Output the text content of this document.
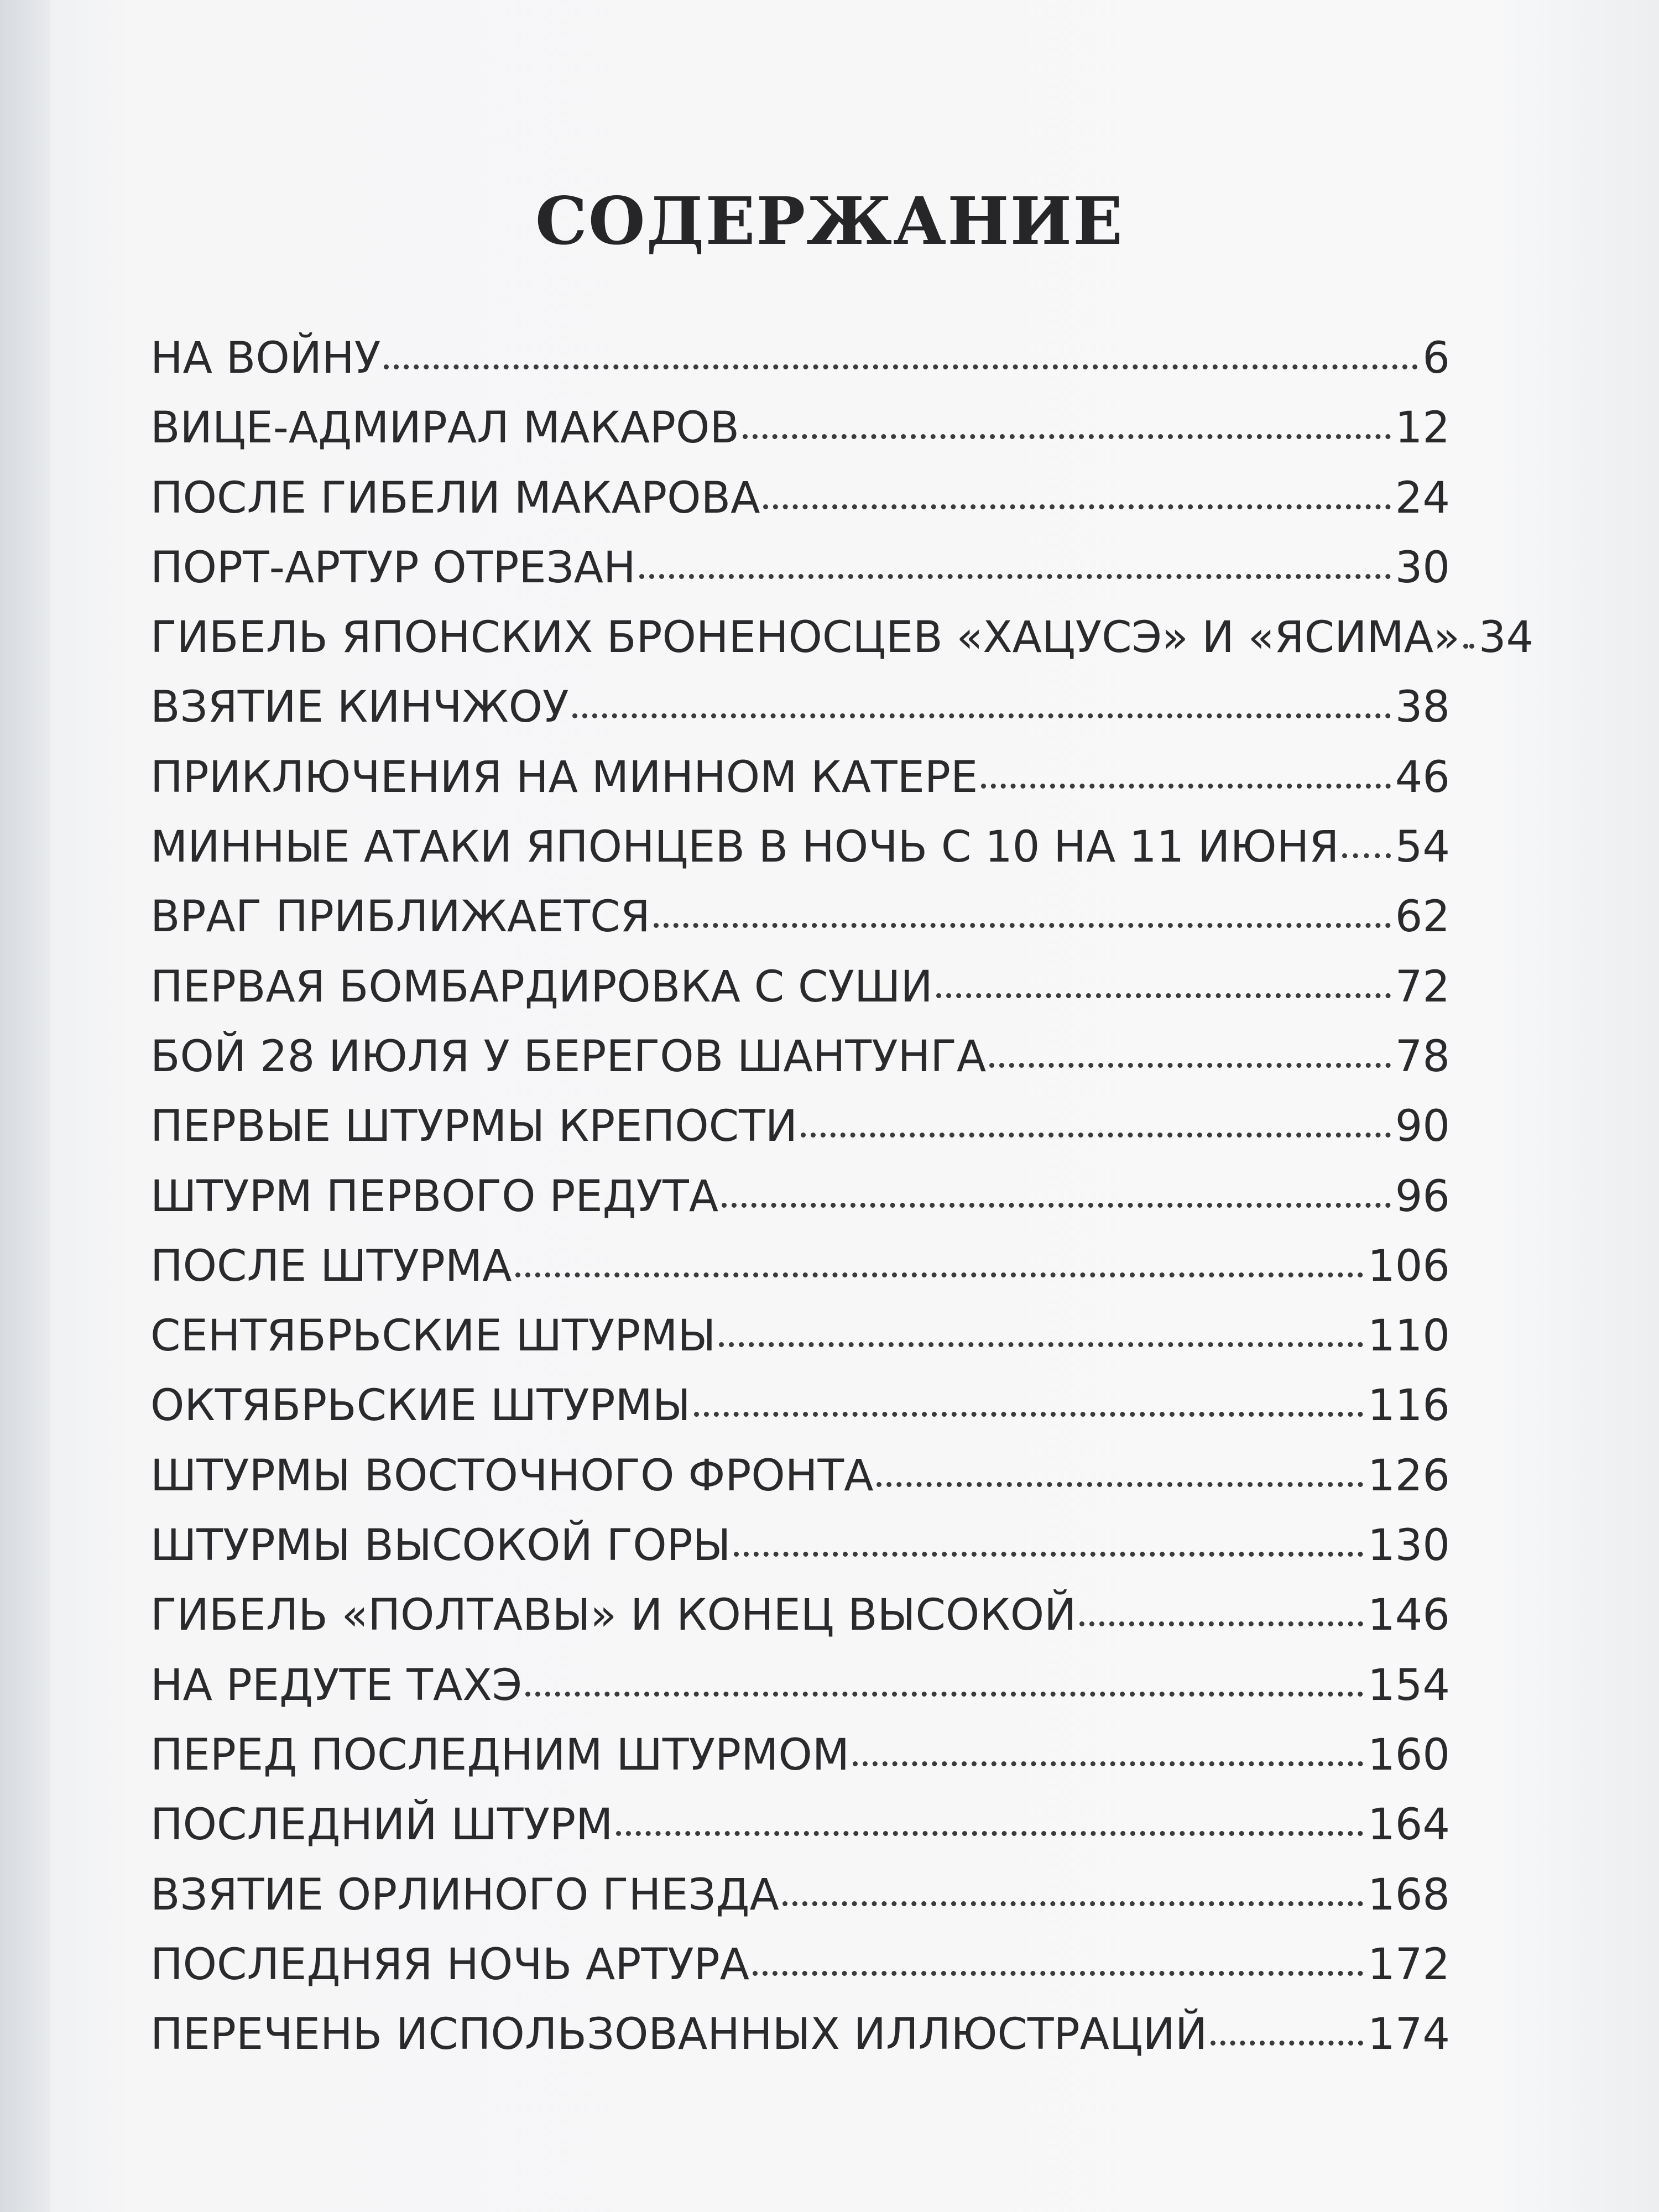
СОДЕРЖАНИЕ
НА ВОЙНУ	6
ВИЦЕ-АДМИРАЛ МАКАРОВ	12
ПОСЛЕ ГИБЕЛИ МАКАРОВА	24
ПОРТ-АРТУР ОТРЕЗАН	30
ГИБЕЛЬ ЯПОНСКИХ БРОНЕНОСЦЕВ «ХАЦУСЭ» И «ЯСИМА» 34
ВЗЯТИЕ КИНЧЖОУ	38
ПРИКЛЮЧЕНИЯ НА МИННОМ КАТЕРЕ	46
МИННЫЕ АТАКИ ЯПОНЦЕВ В НОЧЬ С 10 НА 11 ИЮНЯ 54
ВРАГ ПРИБЛИЖАЕТСЯ	62
ПЕРВАЯ БОМБАРДИРОВКА С СУШИ	72
БОЙ 28 ИЮЛЯ У БЕРЕГОВ ШАНТУНГА	78
ПЕРВЫЕ ШТУРМЫ КРЕПОСТИ	90
ШТУРМ ПЕРВОГО РЕДУТА	96
ПОСЛЕ ШТУРМА	106
СЕНТЯБРЬСКИЕ ШТУРМЫ	110
ОКТЯБРЬСКИЕ ШТУРМЫ	116
ШТУРМЫ ВОСТОЧНОГО ФРОНТА	126
ШТУРМЫ ВЫСОКОЙ ГОРЫ	130
ГИБЕЛЬ «ПОЛТАВЫ» И КОНЕЦ ВЫСОКОЙ	146
НА РЕДУТЕ ТАХЭ	154
ПЕРЕД ПОСЛЕДНИМ ШТУРМОМ	160
ПОСЛЕДНИЙ ШТУРМ	164
ВЗЯТИЕ ОРЛИНОГО ГНЕЗДА	168
ПОСЛЕДНЯЯ НОЧЬ АРТУРА	172
ПЕРЕЧЕНЬ ИСПОЛЬЗОВАННЫХ ИЛЛЮСТРАЦИЙ	174
